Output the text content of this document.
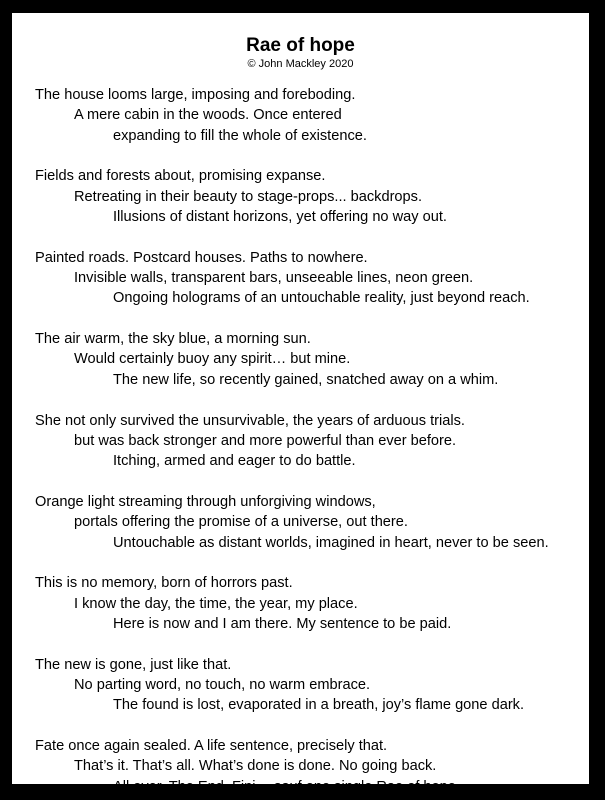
Rae of hope
© John Mackley 2020
The house looms large, imposing and foreboding.
A mere cabin in the woods. Once entered
expanding to fill the whole of existence.
Fields and forests about, promising expanse.
Retreating in their beauty to stage-props... backdrops.
Illusions of distant horizons, yet offering no way out.
Painted roads. Postcard houses. Paths to nowhere.
Invisible walls, transparent bars, unseeable lines, neon green.
Ongoing holograms of an untouchable reality, just beyond reach.
The air warm, the sky blue, a morning sun.
Would certainly buoy any spirit… but mine.
The new life, so recently gained, snatched away on a whim.
She not only survived the unsurvivable, the years of arduous trials.
but was back stronger and more powerful than ever before.
Itching, armed and eager to do battle.
Orange light streaming through unforgiving windows,
portals offering the promise of a universe, out there.
Untouchable as distant worlds, imagined in heart, never to be seen.
This is no memory, born of horrors past.
I know the day, the time, the year, my place.
Here is now and I am there. My sentence to be paid.
The new is gone, just like that.
No parting word, no touch, no warm embrace.
The found is lost, evaporated in a breath, joy’s flame gone dark.
Fate once again sealed. A life sentence, precisely that.
That’s it. That’s all. What’s done is done. No going back.
All over. The End. Fini… sauf one single Rae of hope.
